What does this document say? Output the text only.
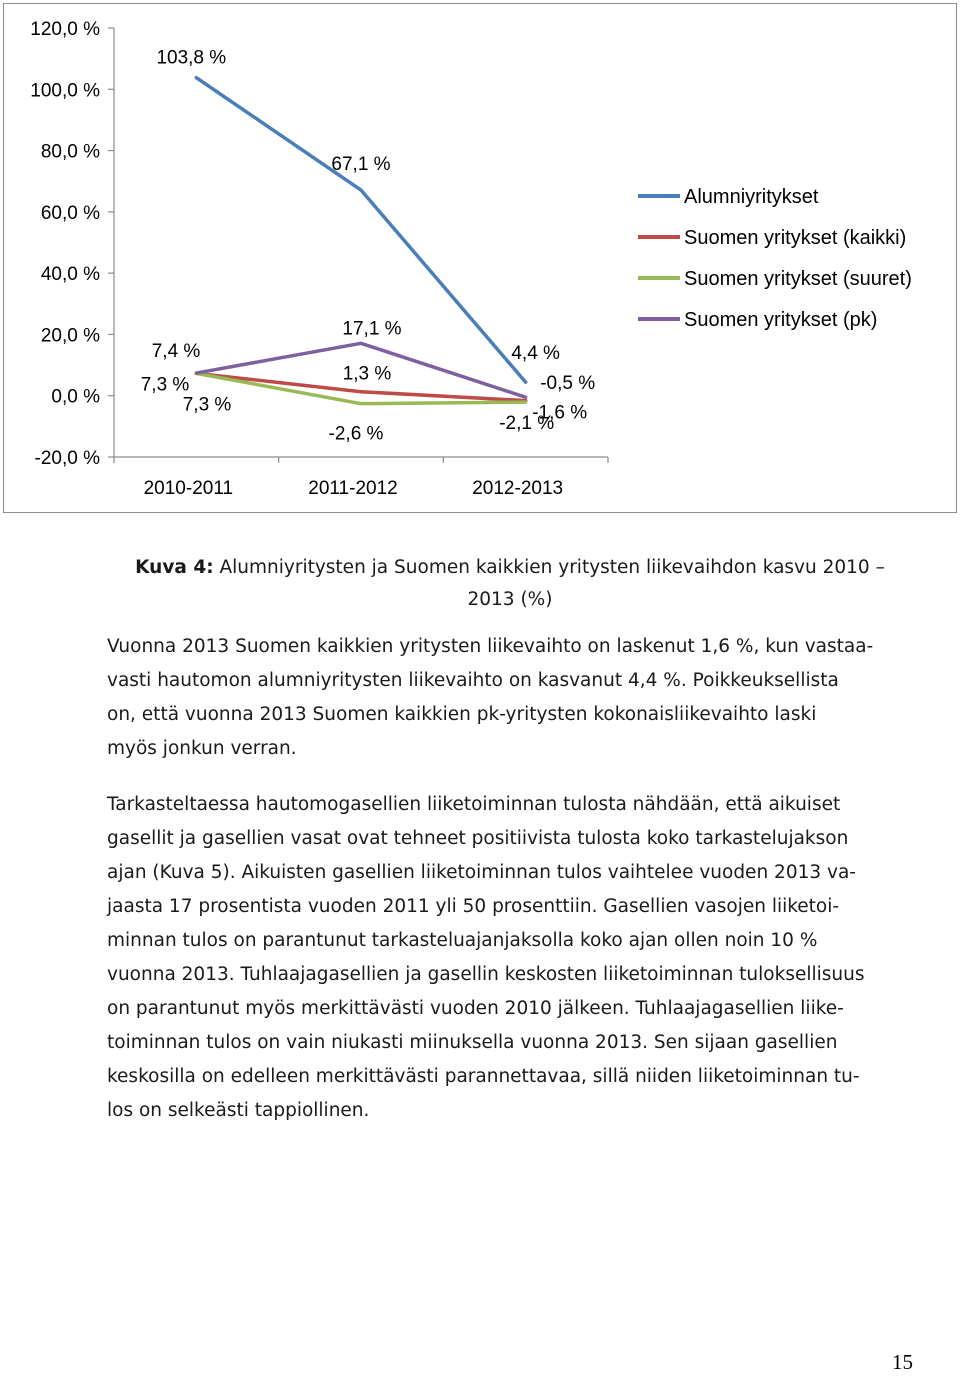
-20,0 %
0,0 %
20,0 %
40,0 %
60,0 %
80,0 %
100,0 %
120,0 %
2010-2011	2011-2012	2012-2013
103,8 %
67,1 %
4,4 %
7,3 %
1,3 %
-1,6 %
7,3 %
-2,6 %
-2,1 %
7,4 %
17,1 %
-0,5 %
Alumniyritykset
Suomen yritykset (kaikki)
Suomen yritykset (suuret)
Suomen yritykset (pk)
Kuva 4: Alumniyritysten ja Suomen kaikkien yritysten liikevaihdon kasvu 2010 –
2013 (%)
Vuonna 2013 Suomen kaikkien yritysten liikevaihto on laskenut 1,6 %, kun vastaa-
vasti hautomon alumniyritysten liikevaihto on kasvanut 4,4 %. Poikkeuksellista
on, että vuonna 2013 Suomen kaikkien pk-yritysten kokonaisliikevaihto laski
myös jonkun verran.
Tarkasteltaessa hautomogasellien liiketoiminnan tulosta nähdään, että aikuiset
gasellit ja gasellien vasat ovat tehneet positiivista tulosta koko tarkastelujakson
ajan (Kuva 5). Aikuisten gasellien liiketoiminnan tulos vaihtelee vuoden 2013 va-
jaasta 17 prosentista vuoden 2011 yli 50 prosenttiin. Gasellien vasojen liiketoi-
minnan tulos on parantunut tarkasteluajanjaksolla koko ajan ollen noin 10 %
vuonna 2013. Tuhlaajagasellien ja gasellin keskosten liiketoiminnan tuloksellisuus
on parantunut myös merkittävästi vuoden 2010 jälkeen. Tuhlaajagasellien liike-
toiminnan tulos on vain niukasti miinuksella vuonna 2013. Sen sijaan gasellien
keskosilla on edelleen merkittävästi parannettavaa, sillä niiden liiketoiminnan tu-
los on selkeästi tappiollinen.
15
